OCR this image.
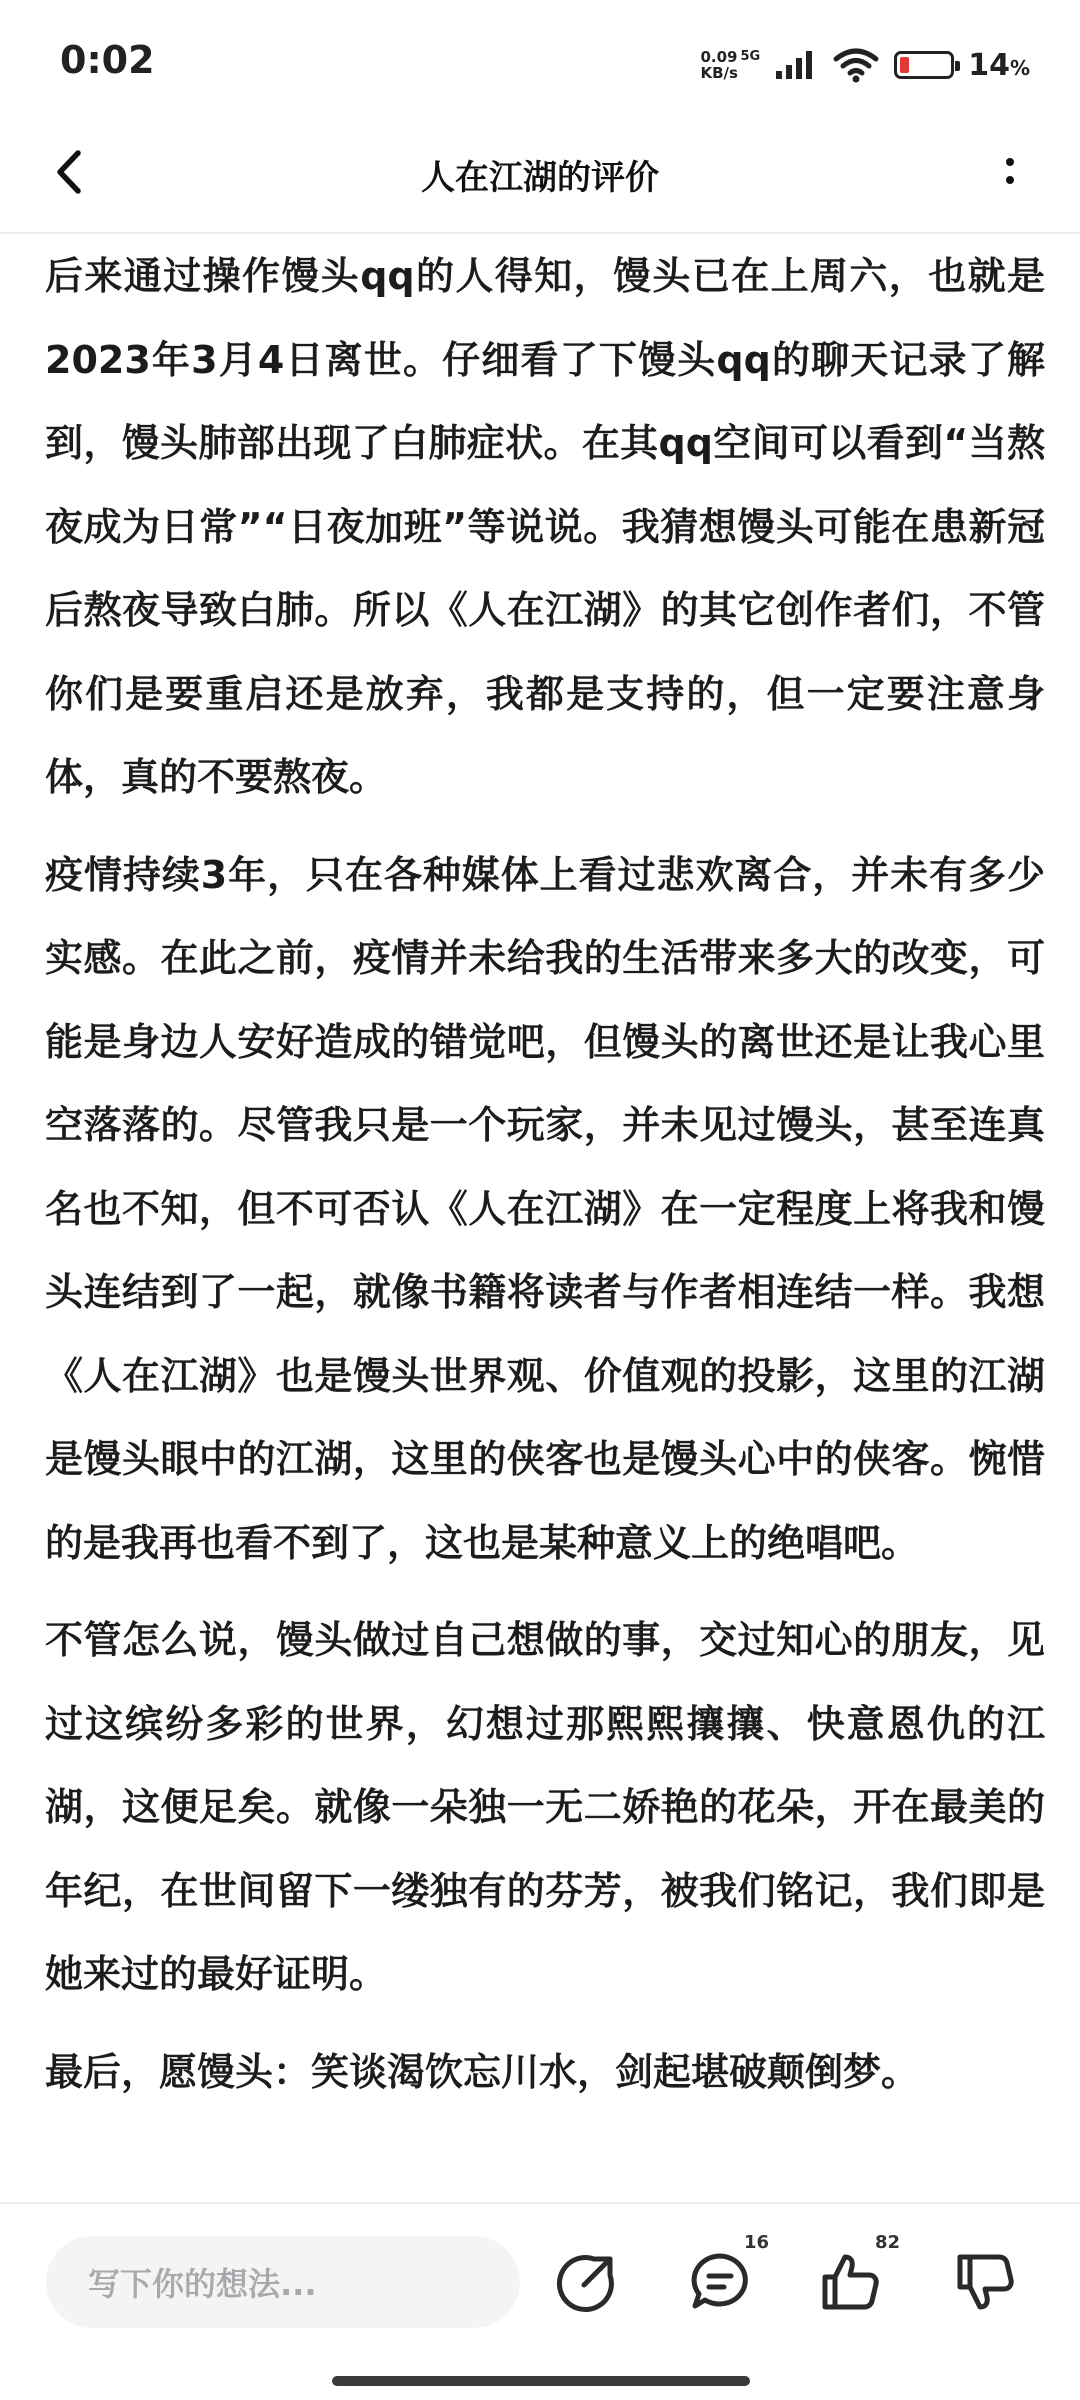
0:02	0.09 5G
KB/s	14%
人在江湖的评价

后来通过操作馒头qq的人得知，馒头已在上周六，也就是2023年3月4日离世。仔细看了下馒头qq的聊天记录了解到，馒头肺部出现了白肺症状。在其qq空间可以看到“当熬夜成为日常”“日夜加班”等说说。我猜想馒头可能在患新冠后熬夜导致白肺。所以《人在江湖》的其它创作者们，不管你们是要重启还是放弃，我都是支持的，但一定要注意身体，真的不要熬夜。

疫情持续3年，只在各种媒体上看过悲欢离合，并未有多少实感。在此之前，疫情并未给我的生活带来多大的改变，可能是身边人安好造成的错觉吧，但馒头的离世还是让我心里空落落的。尽管我只是一个玩家，并未见过馒头，甚至连真名也不知，但不可否认《人在江湖》在一定程度上将我和馒头连结到了一起，就像书籍将读者与作者相连结一样。我想《人在江湖》也是馒头世界观、价值观的投影，这里的江湖是馒头眼中的江湖，这里的侠客也是馒头心中的侠客。惋惜的是我再也看不到了，这也是某种意义上的绝唱吧。

不管怎么说，馒头做过自己想做的事，交过知心的朋友，见过这缤纷多彩的世界，幻想过那熙熙攘攘、快意恩仇的江湖，这便足矣。就像一朵独一无二娇艳的花朵，开在最美的年纪，在世间留下一缕独有的芬芳，被我们铭记，我们即是她来过的最好证明。

最后，愿馒头：笑谈渴饮忘川水，剑起堪破颠倒梦。

写下你的想法...
16	82
